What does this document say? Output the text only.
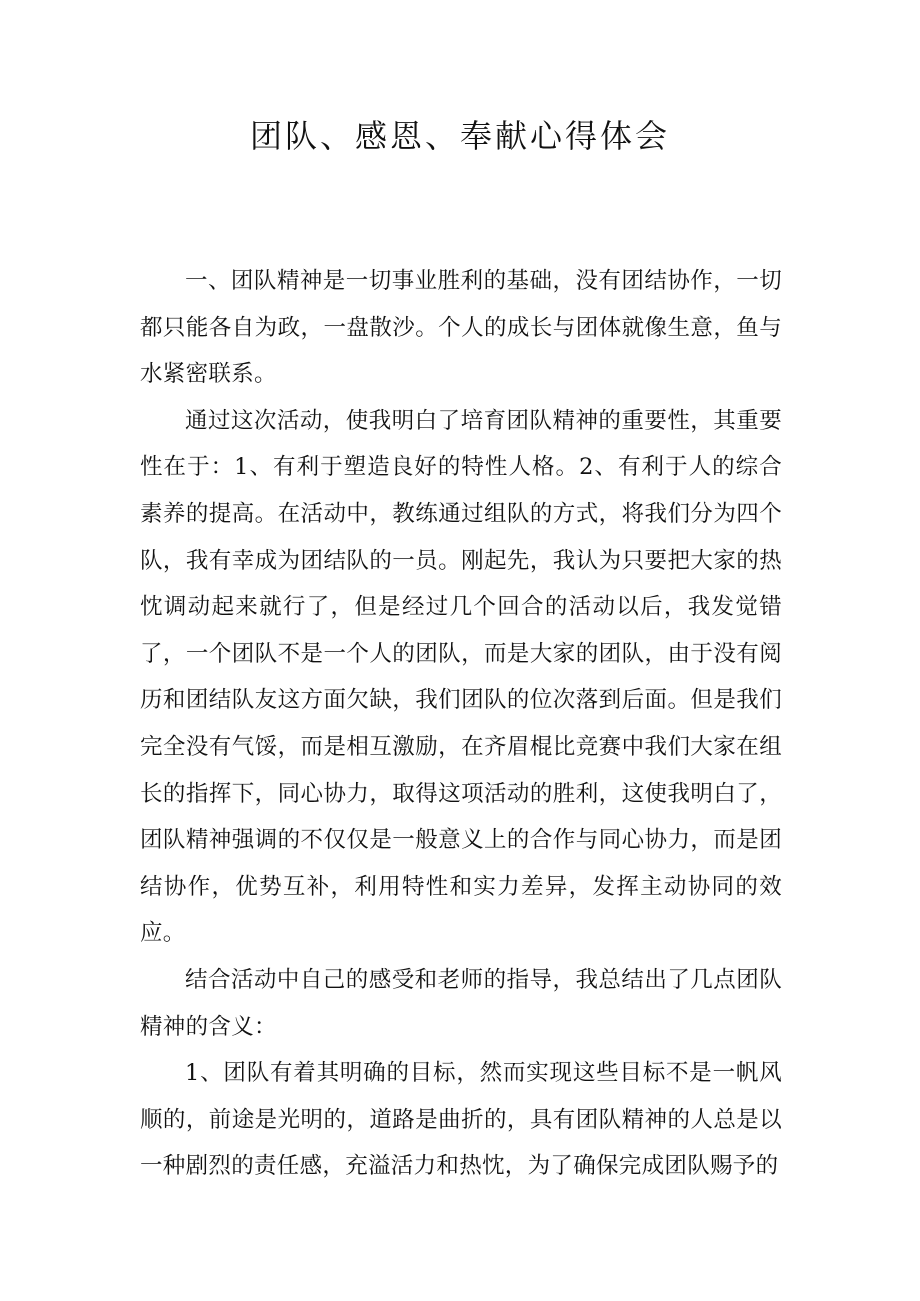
团队、感恩、奉献心得体会

一、团队精神是一切事业胜利的基础，没有团结协作，一切都只能各自为政，一盘散沙。个人的成长与团体就像生意，鱼与水紧密联系。

通过这次活动，使我明白了培育团队精神的重要性，其重要性在于：1、有利于塑造良好的特性人格。2、有利于人的综合素养的提高。在活动中，教练通过组队的方式，将我们分为四个队，我有幸成为团结队的一员。刚起先，我认为只要把大家的热忱调动起来就行了，但是经过几个回合的活动以后，我发觉错了，一个团队不是一个人的团队，而是大家的团队，由于没有阅历和团结队友这方面欠缺，我们团队的位次落到后面。但是我们完全没有气馁，而是相互激励，在齐眉棍比竞赛中我们大家在组长的指挥下，同心协力，取得这项活动的胜利，这使我明白了，团队精神强调的不仅仅是一般意义上的合作与同心协力，而是团结协作，优势互补，利用特性和实力差异，发挥主动协同的效应。

结合活动中自己的感受和老师的指导，我总结出了几点团队精神的含义：

1、团队有着其明确的目标，然而实现这些目标不是一帆风顺的，前途是光明的，道路是曲折的，具有团队精神的人总是以一种剧烈的责任感，充溢活力和热忱，为了确保完成团队赐予的
